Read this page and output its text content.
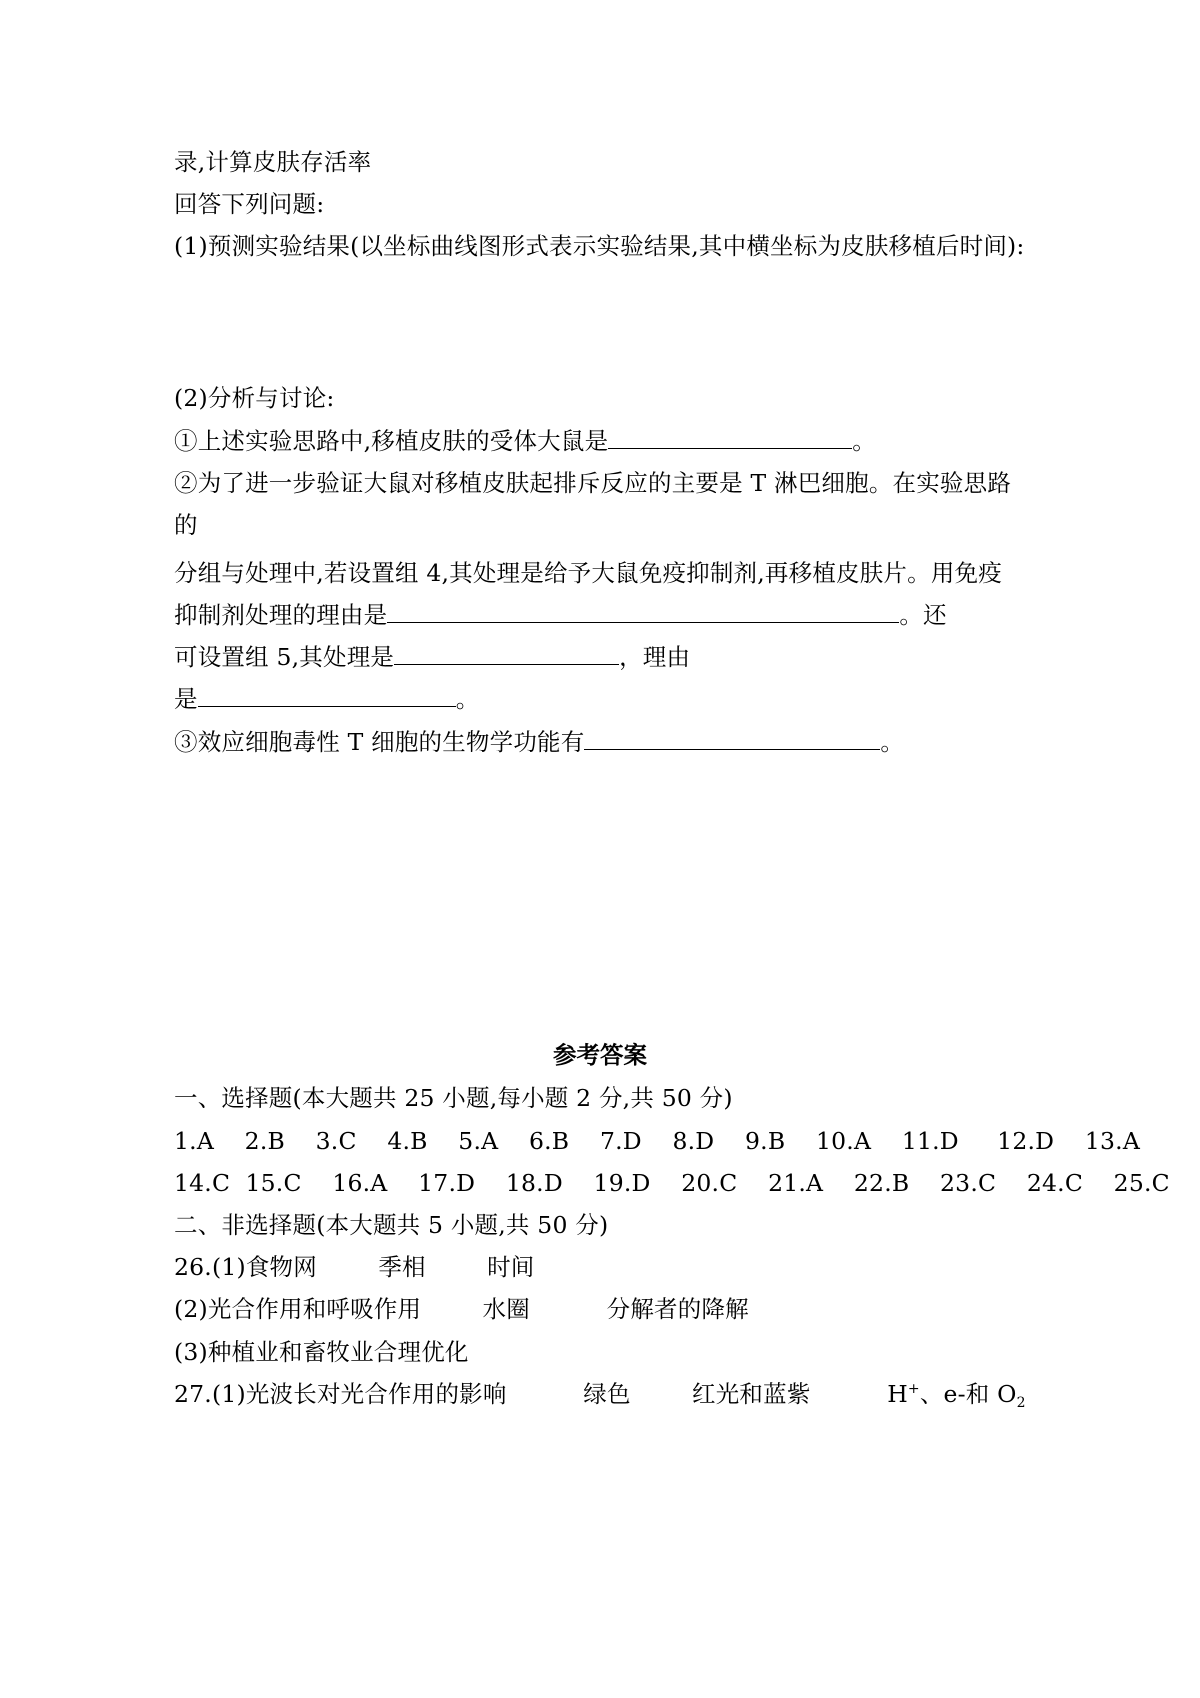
录,计算皮肤存活率
回答下列问题:
(1)预测实验结果(以坐标曲线图形式表示实验结果,其中横坐标为皮肤移植后时间):
(2)分析与讨论:
①上述实验思路中,移植皮肤的受体大鼠是	。
②为了进一步验证大鼠对移植皮肤起排斥反应的主要是 T 淋巴细胞。在实验思路
的
分组与处理中,若设置组 4,其处理是给予大鼠免疫抑制剂,再移植皮肤片。用免疫
抑制剂处理的理由是	。还
可设置组 5,其处理是	，理由
是	。
③效应细胞毒性 T 细胞的生物学功能有	。
参考答案
一、选择题(本大题共 25 小题,每小题 2 分,共 50 分)
1.A    2.B    3.C    4.B    5.A    6.B    7.D    8.D    9.B    10.A    11.D     12.D    13.A
14.C  15.C    16.A    17.D    18.D    19.D    20.C    21.A    22.B    23.C    24.C    25.C
二、非选择题(本大题共 5 小题,共 50 分)
26.(1)食物网        季相        时间
(2)光合作用和呼吸作用        水圈          分解者的降解
(3)种植业和畜牧业合理优化
27.(1)光波长对光合作用的影响          绿色        红光和蓝紫          H+、e-和 $O_2$
